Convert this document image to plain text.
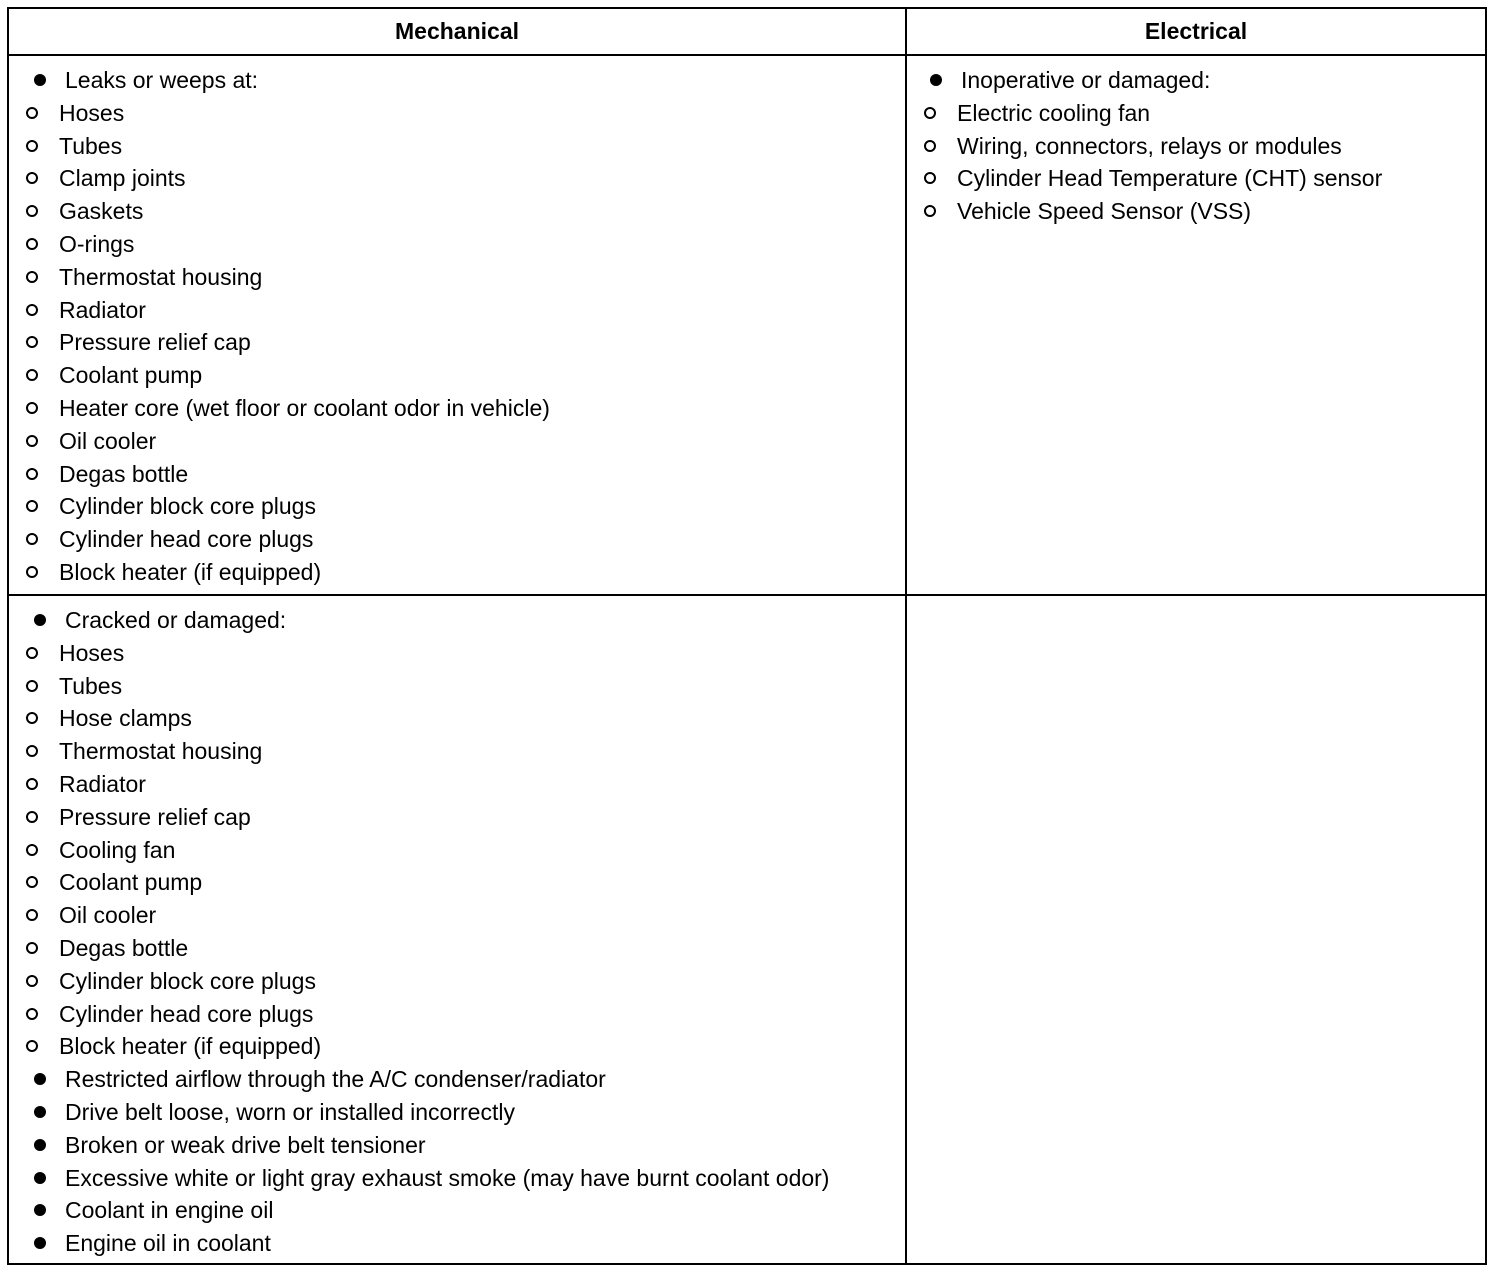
Mechanical	Electrical
Leaks or weeps at:
Hoses
Tubes
Clamp joints
Gaskets
O-rings
Thermostat housing
Radiator
Pressure relief cap
Coolant pump
Heater core (wet floor or coolant odor in vehicle)
Oil cooler
Degas bottle
Cylinder block core plugs
Cylinder head core plugs
Block heater (if equipped)
Inoperative or damaged:
Electric cooling fan
Wiring, connectors, relays or modules
Cylinder Head Temperature (CHT) sensor
Vehicle Speed Sensor (VSS)
Cracked or damaged:
Hoses
Tubes
Hose clamps
Thermostat housing
Radiator
Pressure relief cap
Cooling fan
Coolant pump
Oil cooler
Degas bottle
Cylinder block core plugs
Cylinder head core plugs
Block heater (if equipped)
Restricted airflow through the A/C condenser/radiator
Drive belt loose, worn or installed incorrectly
Broken or weak drive belt tensioner
Excessive white or light gray exhaust smoke (may have burnt coolant odor)
Coolant in engine oil
Engine oil in coolant
